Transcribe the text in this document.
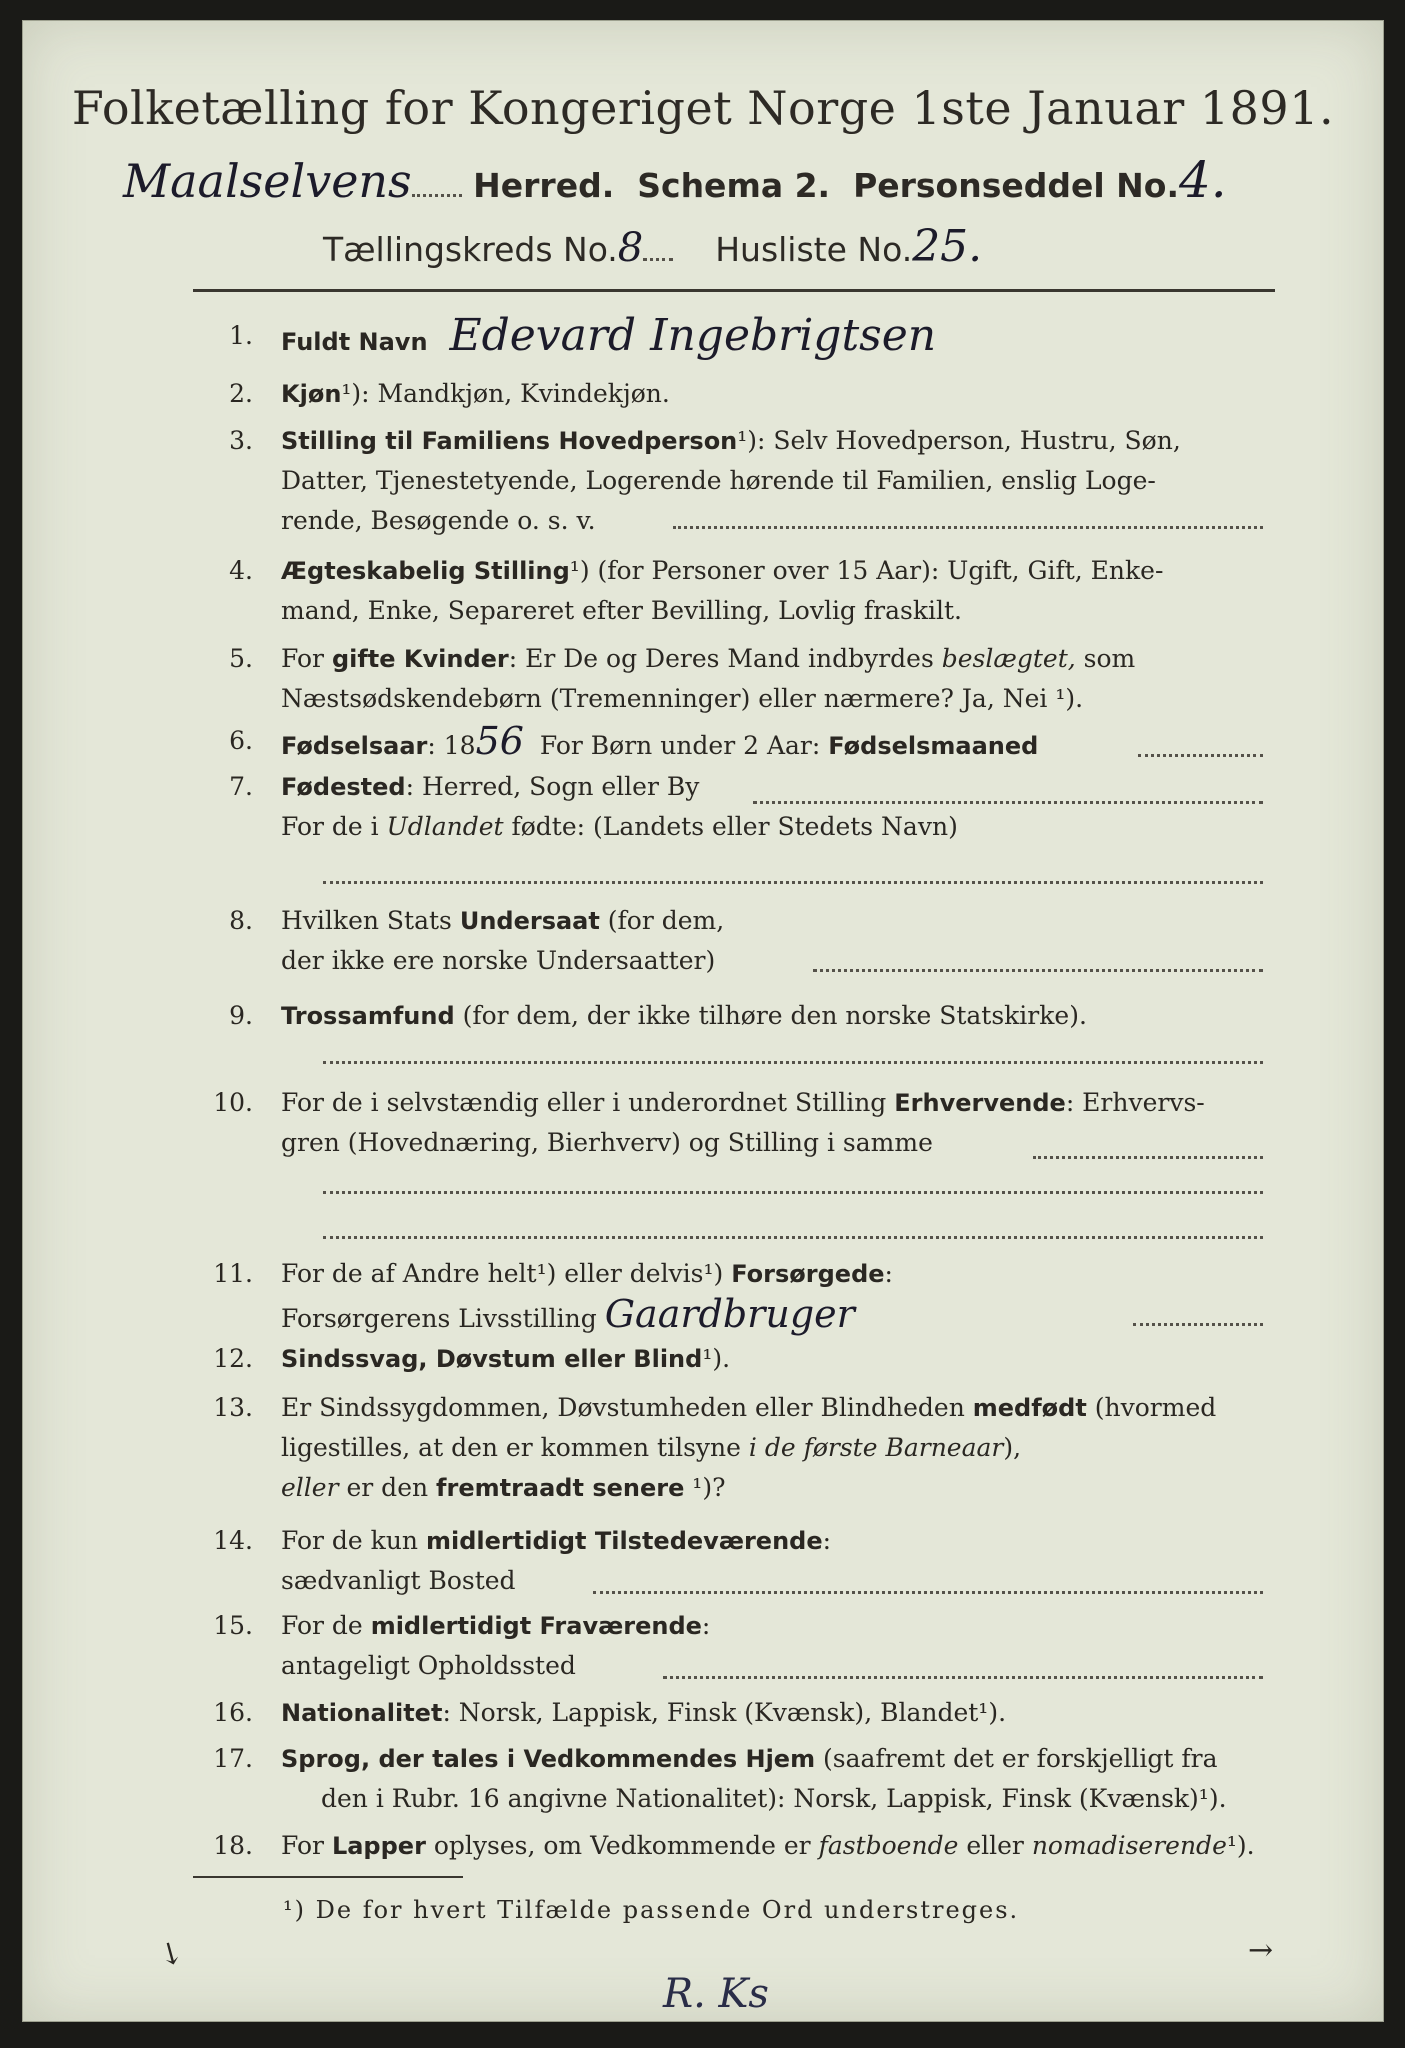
Folketælling for Kongeriget Norge 1ste Januar 1891.
Maalselvens Herred. Schema 2. Personseddel No.4.
Tællingskreds No.8 Husliste No.25.
1. Fuldt Navn Edevard Ingebrigtsen
2. Kjøn¹): Mandkjøn, Kvindekjøn.
3. Stilling til Familiens Hovedperson¹): Selv Hovedperson, Hustru, Søn,
Datter, Tjenestetyende, Logerende hørende til Familien, enslig Loge-
rende, Besøgende o. s. v.
4. Ægteskabelig Stilling¹) (for Personer over 15 Aar): Ugift, Gift, Enke-
mand, Enke, Separeret efter Bevilling, Lovlig fraskilt.
5. For gifte Kvinder: Er De og Deres Mand indbyrdes beslægtet, som
Næstsødskendebørn (Tremenninger) eller nærmere? Ja, Nei ¹).
6. Fødselsaar: 1856 For Børn under 2 Aar: Fødselsmaaned
7. Fødested: Herred, Sogn eller By
For de i Udlandet fødte: (Landets eller Stedets Navn)
8. Hvilken Stats Undersaat (for dem,
der ikke ere norske Undersaatter)
9. Trossamfund (for dem, der ikke tilhøre den norske Statskirke).
10. For de i selvstændig eller i underordnet Stilling Erhvervende: Erhvervs-
gren (Hovednæring, Bierhverv) og Stilling i samme
11. For de af Andre helt¹) eller delvis¹) Forsørgede:
Forsørgerens Livsstilling Gaardbruger
12. Sindssvag, Døvstum eller Blind¹).
13. Er Sindssygdommen, Døvstumheden eller Blindheden medfødt (hvormed
ligestilles, at den er kommen tilsyne i de første Barneaar),
eller er den fremtraadt senere ¹)?
14. For de kun midlertidigt Tilstedeværende:
sædvanligt Bosted
15. For de midlertidigt Fraværende:
antageligt Opholdssted
16. Nationalitet: Norsk, Lappisk, Finsk (Kvænsk), Blandet¹).
17. Sprog, der tales i Vedkommendes Hjem (saafremt det er forskjelligt fra
den i Rubr. 16 angivne Nationalitet): Norsk, Lappisk, Finsk (Kvænsk)¹).
18. For Lapper oplyses, om Vedkommende er fastboende eller nomadiserende¹).
¹) De for hvert Tilfælde passende Ord understreges.
R. Ks
↘	→
